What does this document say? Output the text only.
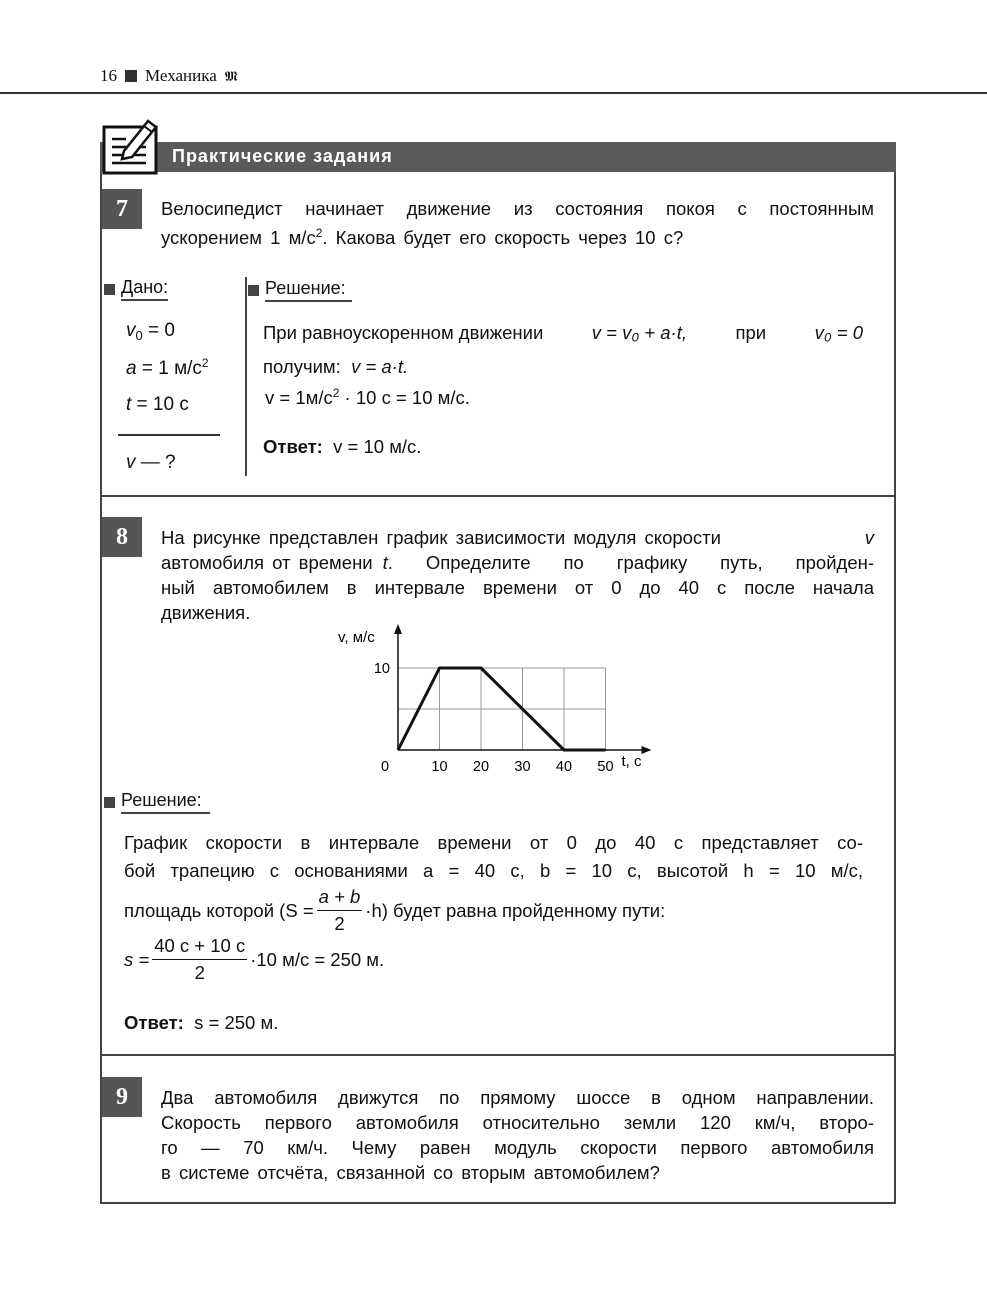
16 Механика 𝕸
Практические задания
7	Велосипедист начинает движение из состояния покоя с постоянным ускорением 1 $м/с^2$. Какова будет его скорость через 10 с?
Дано:	Решение:
$v_0 = 0$
a = 1 $м/с^2$
t = 10 с
v — ?
При равноускоренном движении	v = v₀ + a·t,	при	v₀ = 0
получим: v = a·t.
$v = 1м/с^2 \cdot 10$ с = 10 м/с.
Ответ: v = 10 м/с.
8	На рисунке представлен график зависимости модуля скорости	v
автомобиля от времени t. Определите по графику путь, пройден-
ный автомобилем в интервале времени от 0 до 40 с после начала
движения.
0	10 20 30 40 50
10
t, с
v, м/с
Решение:
График скорости в интервале времени от 0 до 40 с представляет со-
бой трапецию с основаниями a = 40 с, b = 10 с, высотой h = 10 м/с,
площадь которой $(S = \frac{a + b}{2} \cdot h)$ будет равна пройденному пути:
$s = \frac{40 с + 10 с}{2} \cdot 10$ м/с = 250 м.
Ответ: s = 250 м.
9	Два автомобиля движутся по прямому шоссе в одном направлении.
Скорость первого автомобиля относительно земли 120 км/ч, второ-
го — 70 км/ч. Чему равен модуль скорости первого автомобиля
в системе отсчёта, связанной со вторым автомобилем?
